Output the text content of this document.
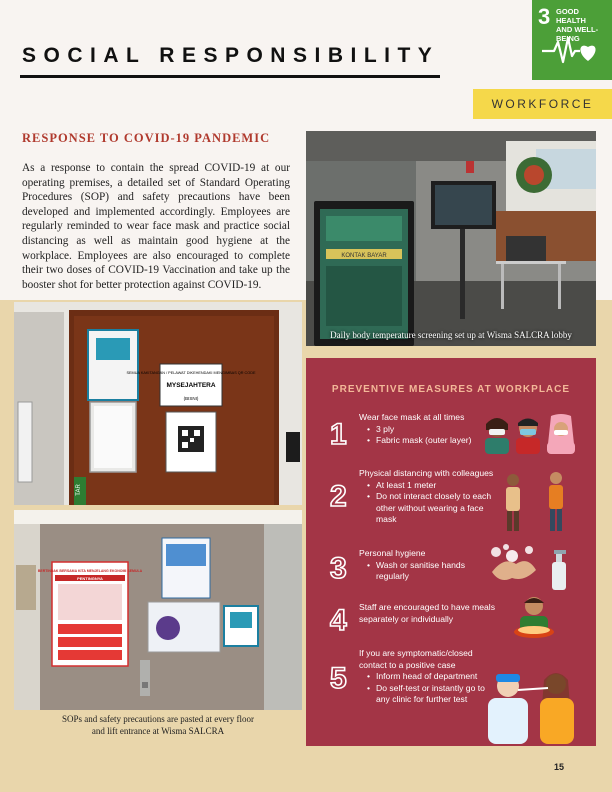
3 GOOD HEALTH
AND WELL-BEING
SOCIAL RESPONSIBILITY
WORKFORCE
RESPONSE TO COVID-19 PANDEMIC
As a response to contain the spread COVID-19 at our operating premises, a detailed set of Standard Operating Procedures (SOP) and safety precautions have been developed and implemented accordingly. Employees are regularly reminded to wear face mask and practice social distancing as well as maintain good hygiene at the workplace. Employees are also encouraged to complete their two doses of COVID-19 Vaccination and take up the booster shot for better protection against COVID-19.
KONTAK BAYAR
Daily body temperature screening set up at Wisma SALCRA lobby
SEMUA KAKITANGAN / PELAWAT DIKEHENDAKI MENGIMBAS QR CODE
MYSEJAHTERA
(BISNI)
TAR
BERTINDAK BERSAMA KITA MENJELANG EKONOMI SEMULA
PENTINGNYA
SOPs and safety precautions are pasted at every floor
and lift entrance at Wisma SALCRA
PREVENTIVE MEASURES AT WORKPLACE
1
Wear face mask at all times
• 3 ply
• Fabric mask (outer layer)
2
Physical distancing with colleagues
• At least 1 meter
• Do not interact closely to each other without wearing a face mask
3 Personal hygiene
• Wash or sanitise hands regularly
4 Staff are encouraged to have meals separately or individually
5
If you are symptomatic/closed contact to a positive case
• Inform head of department
• Do self-test or instantly go to any clinic for further test
15
